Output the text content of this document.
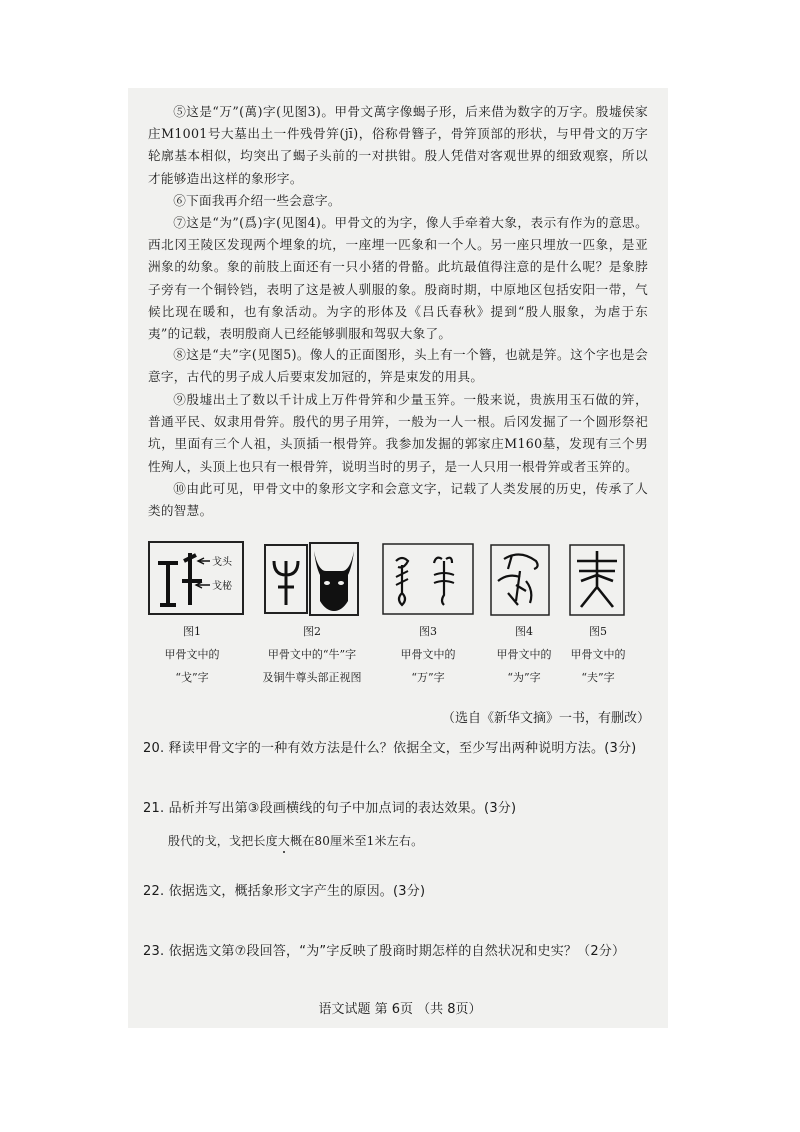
⑤这是“万”(萬)字(见图3)。甲骨文萬字像蝎子形，后来借为数字的万字。殷墟侯家庄M1001号大墓出土一件残骨笄(jī)，俗称骨簪子，骨笄顶部的形状，与甲骨文的万字轮廓基本相似，均突出了蝎子头前的一对拱钳。殷人凭借对客观世界的细致观察，所以才能够造出这样的象形字。

⑥下面我再介绍一些会意字。

⑦这是“为”(爲)字(见图4)。甲骨文的为字，像人手牵着大象，表示有作为的意思。西北冈王陵区发现两个埋象的坑，一座埋一匹象和一个人。另一座只埋放一匹象，是亚洲象的幼象。象的前肢上面还有一只小猪的骨骼。此坑最值得注意的是什么呢？是象脖子旁有一个铜铃铛，表明了这是被人驯服的象。殷商时期，中原地区包括安阳一带，气候比现在暖和，也有象活动。为字的形体及《吕氏春秋》提到“殷人服象，为虐于东夷”的记载，表明殷商人已经能够驯服和驾驭大象了。

⑧这是“夫”字(见图5)。像人的正面图形，头上有一个簪，也就是笄。这个字也是会意字，古代的男子成人后要束发加冠的，笄是束发的用具。

⑨殷墟出土了数以千计成上万件骨笄和少量玉笄。一般来说，贵族用玉石做的笄，普通平民、奴隶用骨笄。殷代的男子用笄，一般为一人一根。后冈发掘了一个圆形祭祀坑，里面有三个人祖，头顶插一根骨笄。我参加发掘的郭家庄M160墓，发现有三个男性殉人，头顶上也只有一根骨笄，说明当时的男子，是一人只用一根骨笄或者玉笄的。

⑩由此可见，甲骨文中的象形文字和会意文字，记载了人类发展的历史，传承了人类的智慧。

戈头
戈柲
图1
甲骨文中的
“戈”字
图2
甲骨文中的“牛”字
及铜牛尊头部正视图
图3
甲骨文中的
“万”字
图4
甲骨文中的
“为”字
图5
甲骨文中的
“夫”字
（选自《新华文摘》一书，有删改）
20. 释读甲骨文字的一种有效方法是什么？依据全文，至少写出两种说明方法。(3分)
21. 品析并写出第③段画横线的句子中加点词的表达效果。(3分)
殷代的戈，戈把长度大概在80厘米至1米左右。
22. 依据选文，概括象形文字产生的原因。(3分)
23. 依据选文第⑦段回答，“为”字反映了殷商时期怎样的自然状况和史实？（2分）
语文试题 第 6页 （共 8页）
